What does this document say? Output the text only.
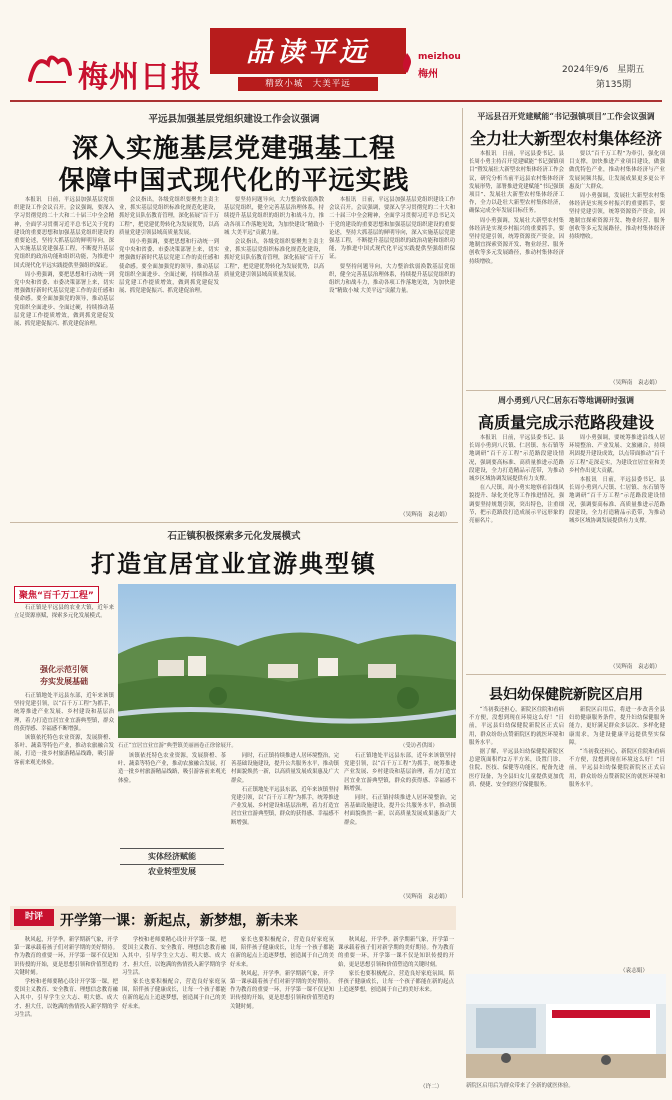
梅州日报
品读平远
精致小城　大美平远
meizhou
梅州	2024年9/6　星期五
第135期
平远县加强基层党组织建设工作会议强调
深入实施基层党建强基工程
保障中国式现代化的平远实践

本报讯　日前，平远县加强基层党组织建设工作会议召开。会议强调，要深入学习贯彻党的二十大和二十届三中全会精神，全面学习贯彻习近平总书记关于党的建设的重要思想和加强基层党组织建设的重要论述，坚持大抓基层的鲜明导向，深入实施基层党建强基工程，不断提升基层党组织的政治功能和组织功能，为推进中国式现代化平远实践提供坚强组织保证。

周小勇强调，要把思想和行动统一到党中央和省委、市委决策部署上来，切实增强做好新时代基层党建工作的责任感和使命感。要全面加强党的领导，推动基层党组织全面进步、全面过硬，持续推动基层党建工作提质增效，做到抓党建促发展、抓党建促振兴、抓党建促治理。

会议指出，各级党组织要聚焦主责主业，抓实基层党组织标准化规范化建设，抓好党员队伍教育管理，深化拓展“百千万工程”，把党建优势转化为发展优势，以高质量党建引领县域高质量发展。

周小勇强调，要把思想和行动统一到党中央和省委、市委决策部署上来，切实增强做好新时代基层党建工作的责任感和使命感。要全面加强党的领导，推动基层党组织全面进步、全面过硬，持续推动基层党建工作提质增效，做到抓党建促发展、抓党建促振兴、抓党建促治理。

要坚持问题导向，大力整治软弱涣散基层党组织，健全完善基层治理体系，持续提升基层党组织的组织力和战斗力，推动各项工作落地见效，为加快建设“精致小城 大美平远”贡献力量。

会议指出，各级党组织要聚焦主责主业，抓实基层党组织标准化规范化建设，抓好党员队伍教育管理，深化拓展“百千万工程”，把党建优势转化为发展优势，以高质量党建引领县域高质量发展。

本报讯　日前，平远县加强基层党组织建设工作会议召开。会议强调，要深入学习贯彻党的二十大和二十届三中全会精神，全面学习贯彻习近平总书记关于党的建设的重要思想和加强基层党组织建设的重要论述，坚持大抓基层的鲜明导向，深入实施基层党建强基工程，不断提升基层党组织的政治功能和组织功能，为推进中国式现代化平远实践提供坚强组织保证。

要坚持问题导向，大力整治软弱涣散基层党组织，健全完善基层治理体系，持续提升基层党组织的组织力和战斗力，推动各项工作落地见效，为加快建设“精致小城 大美平远”贡献力量。

（吴辉南　袁志娟）
平远县召开党建赋能“书记强镇项目”工作会议强调
全力壮大新型农村集体经济

本报讯　日前，平远县委书记、县长周小勇主持召开党建赋能“书记强镇项目”暨发展壮大新型农村集体经济工作会议，研究分析当前平远县农村集体经济发展形势，部署推进党建赋能“书记强镇项目”、发展壮大新型农村集体经济工作，全力以赴壮大新型农村集体经济，确保完成全年发展目标任务。

周小勇强调，发展壮大新型农村集体经济是实现乡村振兴的重要抓手，要坚持党建引领，统筹资源资产资金，因地制宜探索资源开发、物业经营、服务创收等多元发展路径，推动村集体经济持续增收。

要以“百千万工程”为牵引，强化项目支撑，加快推进产业项目建设，做强做优特色产业，推动村集体经济与产业发展同频共振，让发展成果更多更公平惠及广大群众。

周小勇强调，发展壮大新型农村集体经济是实现乡村振兴的重要抓手，要坚持党建引领，统筹资源资产资金，因地制宜探索资源开发、物业经营、服务创收等多元发展路径，推动村集体经济持续增收。

（吴辉南　袁志娟）
周小勇到八尺仁居东石等地调研时强调
高质量完成示范路段建设

本报讯　日前，平远县委书记、县长周小勇到八尺镇、仁居镇、东石镇等地调研“百千万工程”示范路段建设情况，强调要高标准、高质量推进示范路段建设，全力打造精品示范带，为推动城乡区域协调发展提供有力支撑。

在八尺镇，周小勇实地察看沿线风貌提升、绿化美化等工作推进情况，强调要坚持规划引领，突出特色，注重细节，把示范路段打造成展示平远形象的亮丽名片。

周小勇强调，要统筹推进沿线人居环境整治、产业发展、文旅融合，持续巩固提升建设成效，以点带面推动“百千万工程”走深走实，为建设宜居宜业和美乡村作出更大贡献。

本报讯　日前，平远县委书记、县长周小勇到八尺镇、仁居镇、东石镇等地调研“百千万工程”示范路段建设情况，强调要高标准、高质量推进示范路段建设，全力打造精品示范带，为推动城乡区域协调发展提供有力支撑。

（吴辉南　袁志娟）
石正镇积极探索多元化发展模式
打造宜居宜业宜游典型镇
聚焦“百千万工程”

石正镇是平远县的农业大镇，近年来立足资源禀赋，探索多元化发展模式。

强化示范引领
夯实发展基础

石正镇地处平远县东部，近年来该镇坚持党建引领，以“百千万工程”为抓手，统筹推进产业发展、乡村建设和基层治理，着力打造宜居宜业宜游典型镇，群众的获得感、幸福感不断增强。

该镇依托特色农业资源，发展脐橙、茶叶、蔬菜等特色产业，推动农旅融合发展，打造一批乡村旅游精品线路，吸引游客前来观光体验。

石正“宜居宜业宜游”典型镇美丽画卷正徐徐展开。	（受访者供图）

该镇依托特色农业资源，发展脐橙、茶叶、蔬菜等特色产业，推动农旅融合发展，打造一批乡村旅游精品线路，吸引游客前来观光体验。

实体经济赋能
农业转型发展

同时，石正镇持续推进人居环境整治，完善基础设施建设，提升公共服务水平，推动镇村面貌焕然一新，以高质量发展成果惠及广大群众。

石正镇地处平远县东部，近年来该镇坚持党建引领，以“百千万工程”为抓手，统筹推进产业发展、乡村建设和基层治理，着力打造宜居宜业宜游典型镇，群众的获得感、幸福感不断增强。

石正镇地处平远县东部，近年来该镇坚持党建引领，以“百千万工程”为抓手，统筹推进产业发展、乡村建设和基层治理，着力打造宜居宜业宜游典型镇，群众的获得感、幸福感不断增强。

同时，石正镇持续推进人居环境整治，完善基础设施建设，提升公共服务水平，推动镇村面貌焕然一新，以高质量发展成果惠及广大群众。

（吴辉南　袁志娟）
县妇幼保健院新院区启用

“当初我还担心，新院区住院和看病不方便，没想到现在环境这么好！”日前，平远县妇幼保健院新院区正式启用，群众纷纷点赞新院区的就医环境和服务水平。

据了解，平远县妇幼保健院新院区总建筑面积约2万平方米，设置门诊、住院、医技、保健等功能区，配备先进医疗设备，为全县妇女儿童提供更加优质、便捷、安全的医疗保健服务。

新院区启用后，将进一步改善全县妇幼健康服务条件，提升妇幼保健服务能力，更好满足群众多层次、多样化健康需求，为建设健康平远提供坚实保障。

“当初我还担心，新院区住院和看病不方便，没想到现在环境这么好！”日前，平远县妇幼保健院新院区正式启用，群众纷纷点赞新院区的就医环境和服务水平。

（袁志娟）
新院区启用后为群众带来了全新的就医体验。
时评	开学第一课：新起点，新梦想，新未来

秋风起，开学季。新学期新气象，开学第一课承载着孩子们对新学期的美好期待。作为教育的重要一环，开学第一课不仅是知识传授的开始，更是思想引领和价值塑造的关键时刻。

学校和老师要精心设计开学第一课，把爱国主义教育、安全教育、理想信念教育融入其中，引导学生立大志、明大德、成大才、担大任，以饱满的热情投入新学期的学习生活。

学校和老师要精心设计开学第一课，把爱国主义教育、安全教育、理想信念教育融入其中，引导学生立大志、明大德、成大才、担大任，以饱满的热情投入新学期的学习生活。

家长也要积极配合，营造良好家庭氛围，陪伴孩子健康成长，让每一个孩子都能在新的起点上追逐梦想，创造属于自己的美好未来。

家长也要积极配合，营造良好家庭氛围，陪伴孩子健康成长，让每一个孩子都能在新的起点上追逐梦想，创造属于自己的美好未来。

秋风起，开学季。新学期新气象，开学第一课承载着孩子们对新学期的美好期待。作为教育的重要一环，开学第一课不仅是知识传授的开始，更是思想引领和价值塑造的关键时刻。

秋风起，开学季。新学期新气象，开学第一课承载着孩子们对新学期的美好期待。作为教育的重要一环，开学第一课不仅是知识传授的开始，更是思想引领和价值塑造的关键时刻。

家长也要积极配合，营造良好家庭氛围，陪伴孩子健康成长，让每一个孩子都能在新的起点上追逐梦想，创造属于自己的美好未来。

（许二）
